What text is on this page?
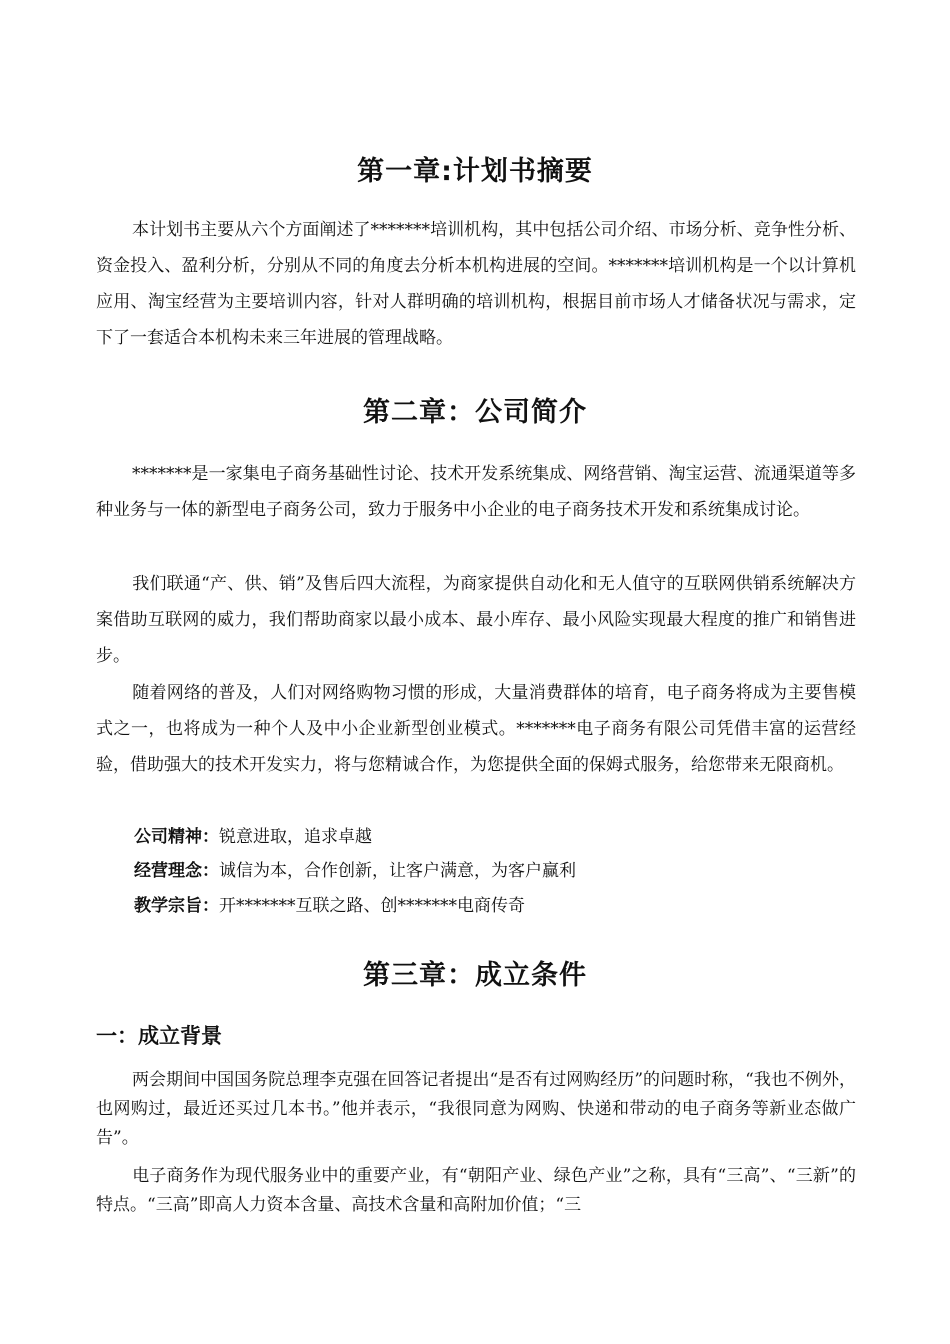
第一章:计划书摘要
本计划书主要从六个方面阐述了*******培训机构，其中包括公司介绍、市场分析、竞争性分析、资金投入、盈利分析，分别从不同的角度去分析本机构进展的空间。*******培训机构是一个以计算机应用、淘宝经营为主要培训内容，针对人群明确的培训机构，根据目前市场人才储备状况与需求，定下了一套适合本机构未来三年进展的管理战略。
第二章：公司简介
*******是一家集电子商务基础性讨论、技术开发系统集成、网络营销、淘宝运营、流通渠道等多种业务与一体的新型电子商务公司，致力于服务中小企业的电子商务技术开发和系统集成讨论。
我们联通“产、供、销”及售后四大流程，为商家提供自动化和无人值守的互联网供销系统解决方案借助互联网的威力，我们帮助商家以最小成本、最小库存、最小风险实现最大程度的推广和销售进步。
随着网络的普及，人们对网络购物习惯的形成，大量消费群体的培育，电子商务将成为主要售模式之一，也将成为一种个人及中小企业新型创业模式。*******电子商务有限公司凭借丰富的运营经验，借助强大的技术开发实力，将与您精诚合作，为您提供全面的保姆式服务，给您带来无限商机。
公司精神：锐意进取，追求卓越
经营理念：诚信为本，合作创新，让客户满意，为客户赢利
教学宗旨：开*******互联之路、创*******电商传奇
第三章：成立条件
一：成立背景
两会期间中国国务院总理李克强在回答记者提出“是否有过网购经历”的问题时称，“我也不例外，也网购过，最近还买过几本书。”他并表示，“我很同意为网购、快递和带动的电子商务等新业态做广告”。
电子商务作为现代服务业中的重要产业，有“朝阳产业、绿色产业”之称，具有“三高”、“三新”的特点。“三高”即高人力资本含量、高技术含量和高附加价值；“三
